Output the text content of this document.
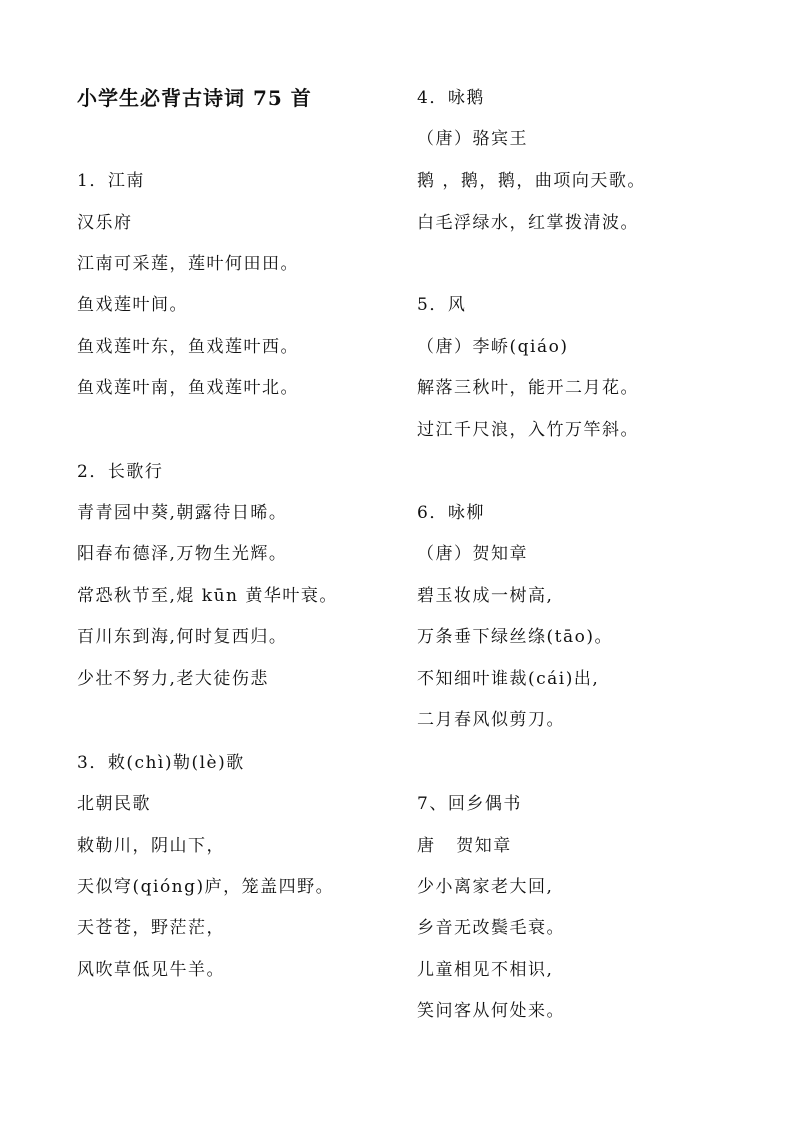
小学生必背古诗词 75 首
1．江南
汉乐府
江南可采莲，莲叶何田田。
鱼戏莲叶间。
鱼戏莲叶东，鱼戏莲叶西。
鱼戏莲叶南，鱼戏莲叶北。
2．长歌行
青青园中葵,朝露待日晞。
阳春布德泽,万物生光辉。
常恐秋节至,焜 kūn 黄华叶衰。
百川东到海,何时复西归。
少壮不努力,老大徒伤悲
3．敕(chì)勒(lè)歌
北朝民歌
敕勒川，阴山下，
天似穹(qióng)庐，笼盖四野。
天苍苍，野茫茫，
风吹草低见牛羊。
4．咏鹅
（唐）骆宾王
鹅 ，鹅，鹅，曲项向天歌。
白毛浮绿水，红掌拨清波。
5．风
（唐）李峤(qiáo)
解落三秋叶，能开二月花。
过江千尺浪，入竹万竿斜。
6．咏柳
（唐）贺知章
碧玉妆成一树高,
万条垂下绿丝绦(tāo)。
不知细叶谁裁(cái)出,
二月春风似剪刀。
7、回乡偶书
唐   贺知章
少小离家老大回,
乡音无改鬓毛衰。
儿童相见不相识,
笑问客从何处来。
